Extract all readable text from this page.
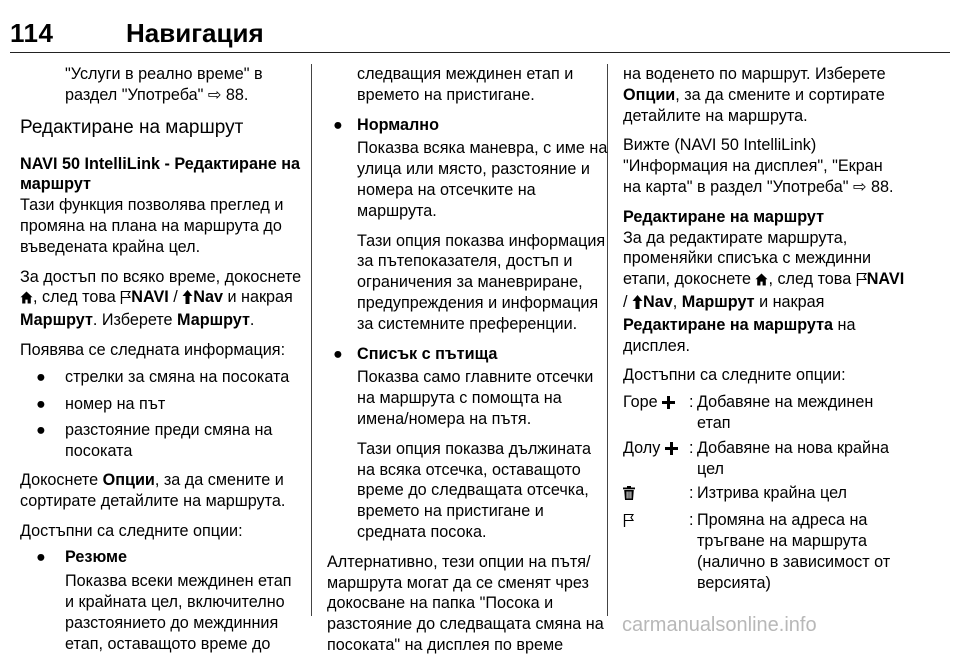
114	Навигация

"Услуги в реално време" в раздел "Употреба" ⇨ 88.

Редактиране на маршрут

NAVI 50 IntelliLink - Редактиране на маршрут

Тази функция позволява преглед и промяна на плана на маршрута до въведената крайна цел.

За достъп по всяко време, докоснете , след това NAVI / Nav и накрая Маршрут. Изберете Маршрут.

Появява се следната информация:

● стрелки за смяна на посоката
● номер на път
● разстояние преди смяна на посоката

Докоснете Опции, за да смените и сортирате детайлите на маршрута.

Достъпни са следните опции:

● Резюме

Показва всеки междинен етап и крайната цел, включително разстоянието до междинния етап, оставащото време до

следващия междинен етап и времето на пристигане.

● Нормално

Показва всяка маневра, с име на улица или място, разстояние и номера на отсечките на маршрута.

Тази опция показва информация за пътепоказателя, достъп и ограничения за маневриране, предупреждения и информация за системните преференции.

● Списък с пътища

Показва само главните отсечки на маршрута с помощта на имена/номера на пътя.

Тази опция показва дължината на всяка отсечка, оставащото време до следващата отсечка, времето на пристигане и средната посока.

Алтернативно, тези опции на пътя/ маршрута могат да се сменят чрез докосване на папка "Посока и разстояние до следващата смяна на посоката" на дисплея по време

на воденето по маршрут. Изберете Опции, за да смените и сортирате детайлите на маршрута.

Вижте (NAVI 50 IntelliLink) "Информация на дисплея", "Екран на карта" в раздел "Употреба" ⇨ 88.

Редактиране на маршрут

За да редактирате маршрута, променяйки списъка с междинни етапи, докоснете , след това NAVI / Nav, Маршрут и накрая Редактиране на маршрута на дисплея.

Достъпни са следните опции:

Горе	: Добавяне на междинен етап
Долу	: Добавяне на нова крайна цел
: Изтрива крайна цел
: Промяна на адреса на тръгване на маршрута (налично в зависимост от версията)
carmanualsonline.info
